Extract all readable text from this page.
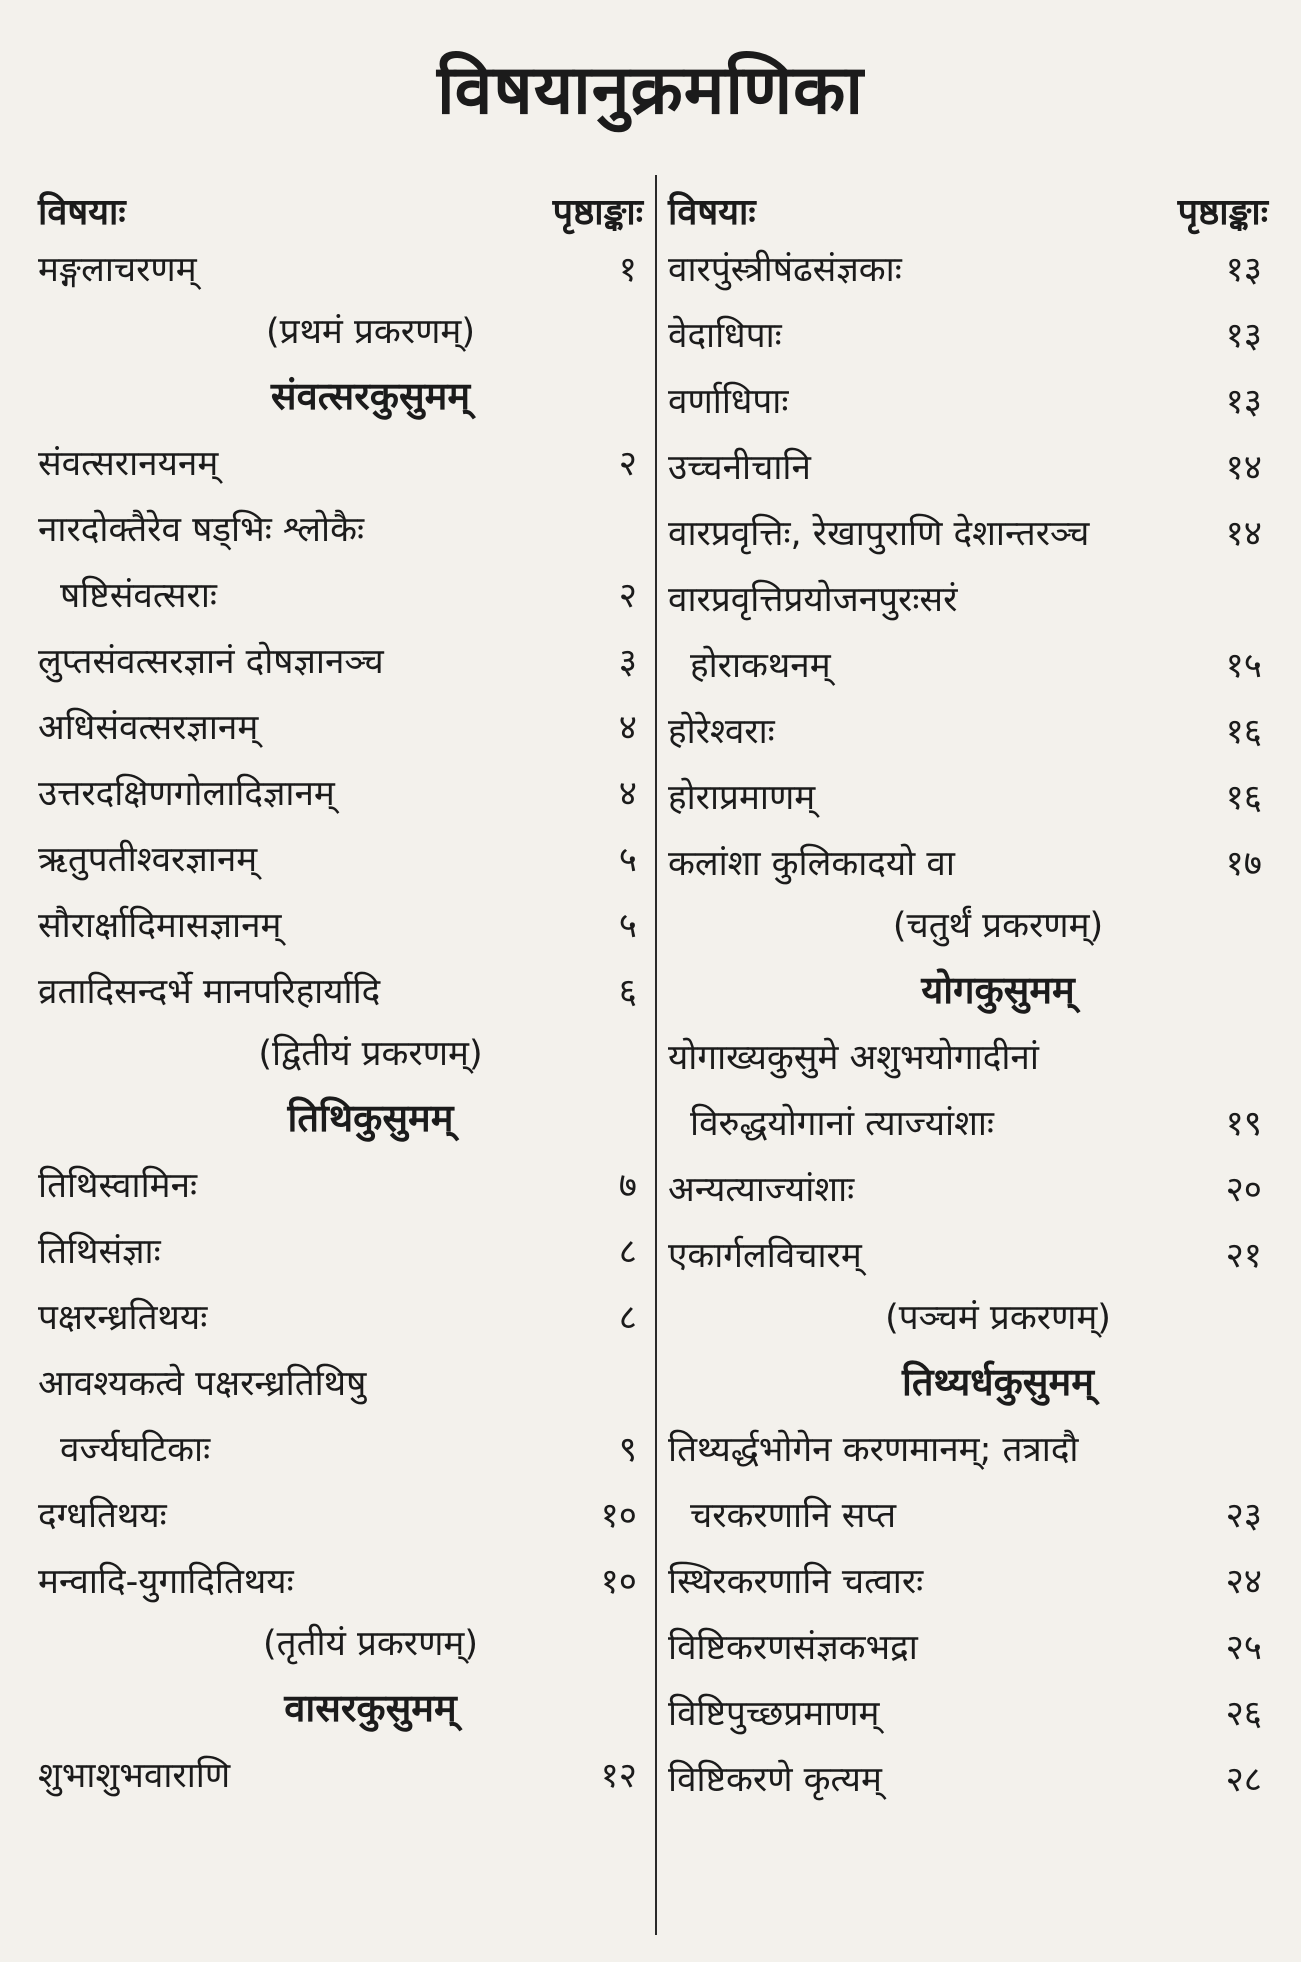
विषयानुक्रमणिका
विषयाः	पृष्ठाङ्काः
मङ्गलाचरणम्	१
(प्रथमं प्रकरणम्)
संवत्सरकुसुमम्
संवत्सरानयनम्	२
नारदोक्तैरेव षड्भिः श्लोकैः
षष्टिसंवत्सराः	२
लुप्तसंवत्सरज्ञानं दोषज्ञानञ्च	३
अधिसंवत्सरज्ञानम्	४
उत्तरदक्षिणगोलादिज्ञानम्	४
ऋतुपतीश्वरज्ञानम्	५
सौरार्क्षादिमासज्ञानम्	५
व्रतादिसन्दर्भे मानपरिहार्यादि	६
(द्वितीयं प्रकरणम्)
तिथिकुसुमम्
तिथिस्वामिनः	७
तिथिसंज्ञाः	८
पक्षरन्ध्रतिथयः	८
आवश्यकत्वे पक्षरन्ध्रतिथिषु
वर्ज्यघटिकाः	९
दग्धतिथयः	१०
मन्वादि-युगादितिथयः	१०
(तृतीयं प्रकरणम्)
वासरकुसुमम्
शुभाशुभवाराणि	१२
विषयाः	पृष्ठाङ्काः
वारपुंस्त्रीषंढसंज्ञकाः	१३
वेदाधिपाः	१३
वर्णाधिपाः	१३
उच्चनीचानि	१४
वारप्रवृत्तिः, रेखापुराणि देशान्तरञ्च	१४
वारप्रवृत्तिप्रयोजनपुरःसरं
होराकथनम्	१५
होरेश्वराः	१६
होराप्रमाणम्	१६
कलांशा कुलिकादयो वा	१७
(चतुर्थं प्रकरणम्)
योगकुसुमम्
योगाख्यकुसुमे अशुभयोगादीनां
विरुद्धयोगानां त्याज्यांशाः	१९
अन्यत्याज्यांशाः	२०
एकार्गलविचारम्	२१
(पञ्चमं प्रकरणम्)
तिथ्यर्धकुसुमम्
तिथ्यर्द्धभोगेन करणमानम्; तत्रादौ
चरकरणानि सप्त	२३
स्थिरकरणानि चत्वारः	२४
विष्टिकरणसंज्ञकभद्रा	२५
विष्टिपुच्छप्रमाणम्	२६
विष्टिकरणे कृत्यम्	२८
